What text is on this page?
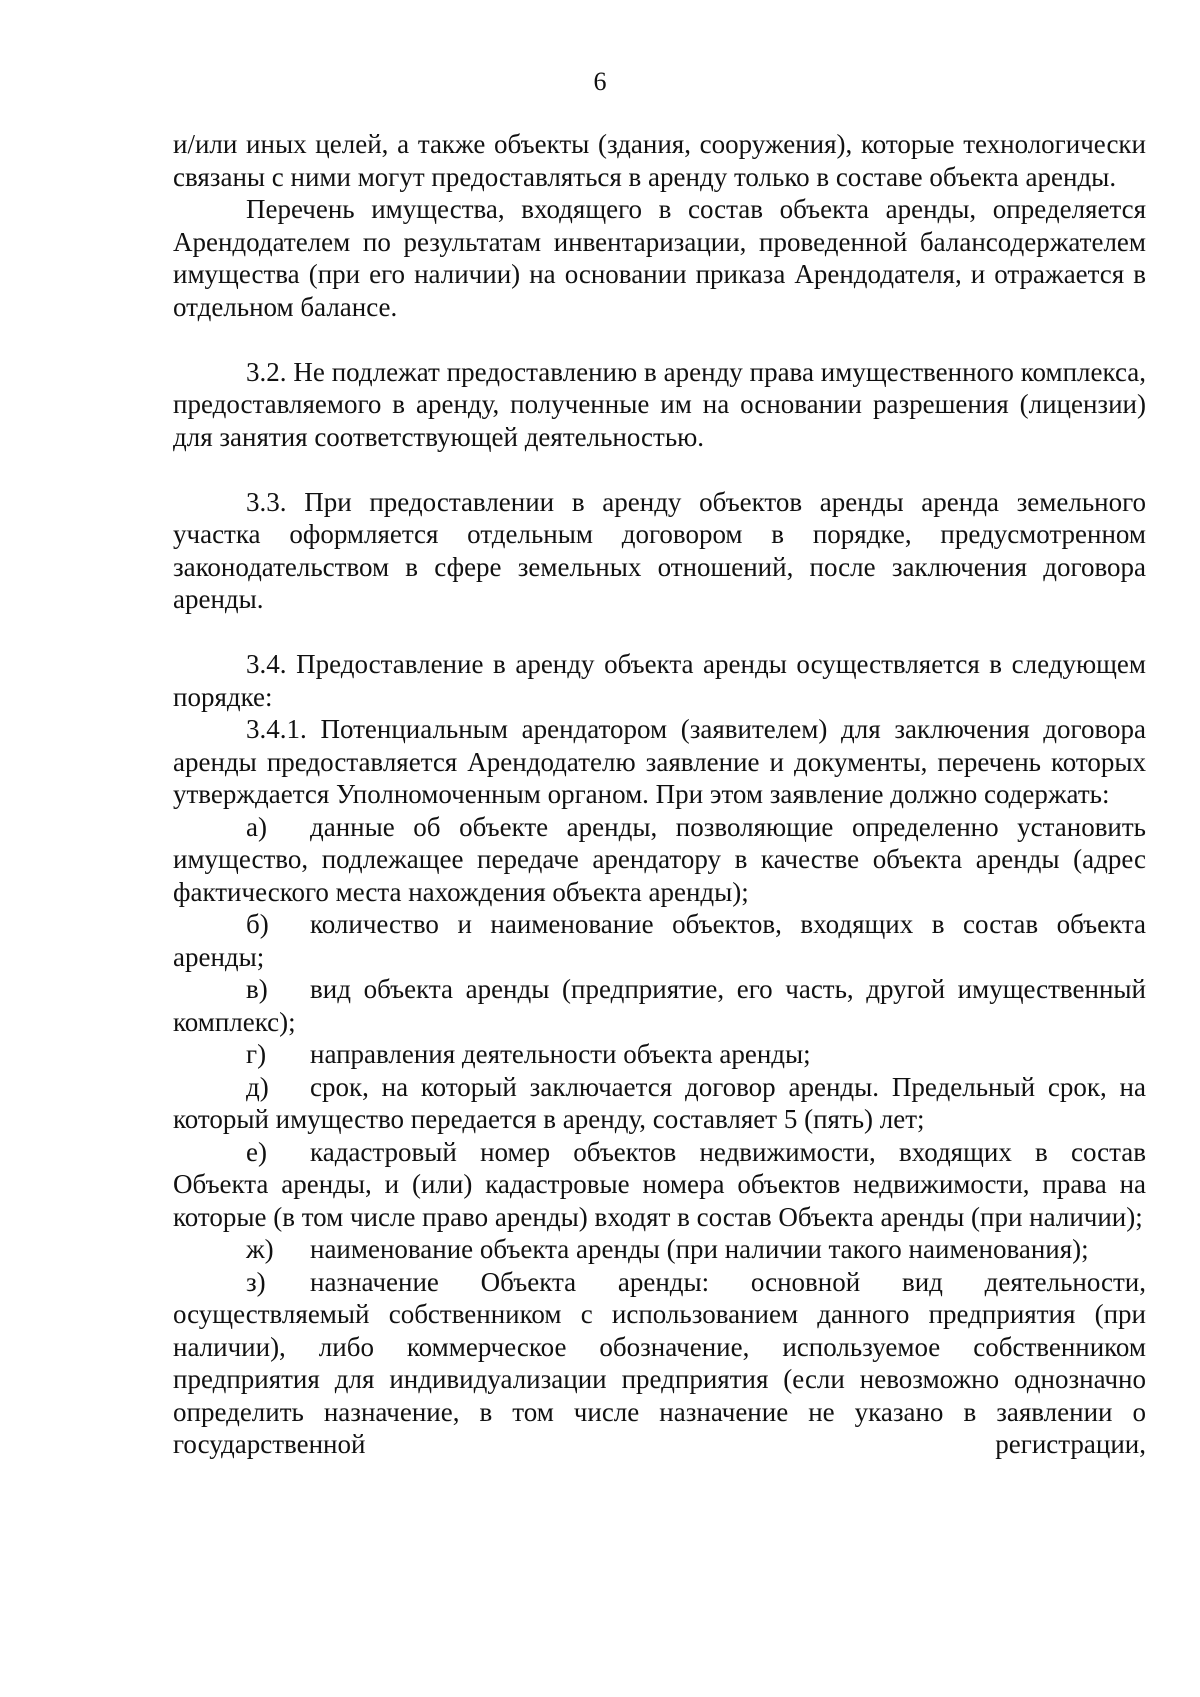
6

и/или иных целей, а также объекты (здания, сооружения), которые технологически связаны с ними могут предоставляться в аренду только в составе объекта аренды.

Перечень имущества, входящего в состав объекта аренды, определяется Арендодателем по результатам инвентаризации, проведенной балансодержателем имущества (при его наличии) на основании приказа Арендодателя, и отражается в отдельном балансе.

3.2. Не подлежат предоставлению в аренду права имущественного комплекса, предоставляемого в аренду, полученные им на основании разрешения (лицензии) для занятия соответствующей деятельностью.

3.3. При предоставлении в аренду объектов аренды аренда земельного участка оформляется отдельным договором в порядке, предусмотренном законодательством в сфере земельных отношений, после заключения договора аренды.

3.4. Предоставление в аренду объекта аренды осуществляется в следующем порядке:

3.4.1. Потенциальным арендатором (заявителем) для заключения договора аренды предоставляется Арендодателю заявление и документы, перечень которых утверждается Уполномоченным органом. При этом заявление должно содержать:

а) данные об объекте аренды, позволяющие определенно установить имущество, подлежащее передаче арендатору в качестве объекта аренды (адрес фактического места нахождения объекта аренды);

б) количество и наименование объектов, входящих в состав объекта аренды;

в) вид объекта аренды (предприятие, его часть, другой имущественный комплекс);

г) направления деятельности объекта аренды;

д) срок, на который заключается договор аренды. Предельный срок, на который имущество передается в аренду, составляет 5 (пять) лет;

е) кадастровый номер объектов недвижимости, входящих в состав Объекта аренды, и (или) кадастровые номера объектов недвижимости, права на которые (в том числе право аренды) входят в состав Объекта аренды (при наличии);

ж) наименование объекта аренды (при наличии такого наименования);

з) назначение Объекта аренды: основной вид деятельности, осуществляемый собственником с использованием данного предприятия (при наличии), либо коммерческое обозначение, используемое собственником предприятия для индивидуализации предприятия (если невозможно однозначно определить назначение, в том числе назначение не указано в заявлении о государственной регистрации,
